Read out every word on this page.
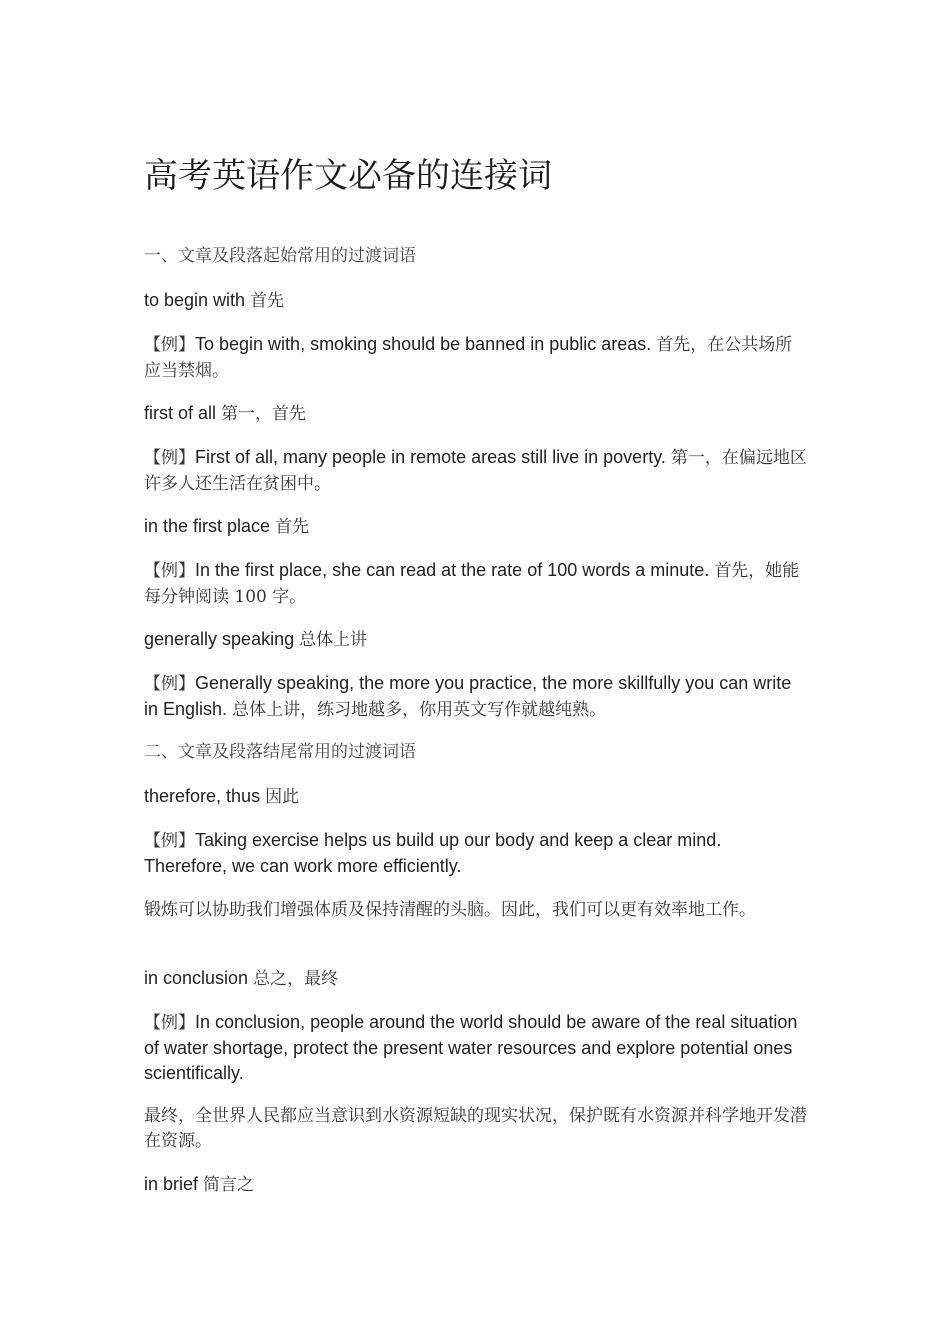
高考英语作文必备的连接词
一、文章及段落起始常用的过渡词语
to begin with 首先
【例】To begin with, smoking should be banned in public areas. 首先，在公共场所应当禁烟。
first of all 第一，首先
【例】First of all, many people in remote areas still live in poverty. 第一，在偏远地区许多人还生活在贫困中。
in the first place 首先
【例】In the first place, she can read at the rate of 100 words a minute. 首先，她能每分钟阅读 100 字。
generally speaking 总体上讲
【例】Generally speaking, the more you practice, the more skillfully you can write in English. 总体上讲，练习地越多，你用英文写作就越纯熟。
二、文章及段落结尾常用的过渡词语
therefore, thus 因此
【例】Taking exercise helps us build up our body and keep a clear mind. Therefore, we can work more efficiently.
锻炼可以协助我们增强体质及保持清醒的头脑。因此，我们可以更有效率地工作。
in conclusion 总之，最终
【例】In conclusion, people around the world should be aware of the real situation of water shortage, protect the present water resources and explore potential ones scientifically.
最终，全世界人民都应当意识到水资源短缺的现实状况，保护既有水资源并科学地开发潜在资源。
in brief 简言之
